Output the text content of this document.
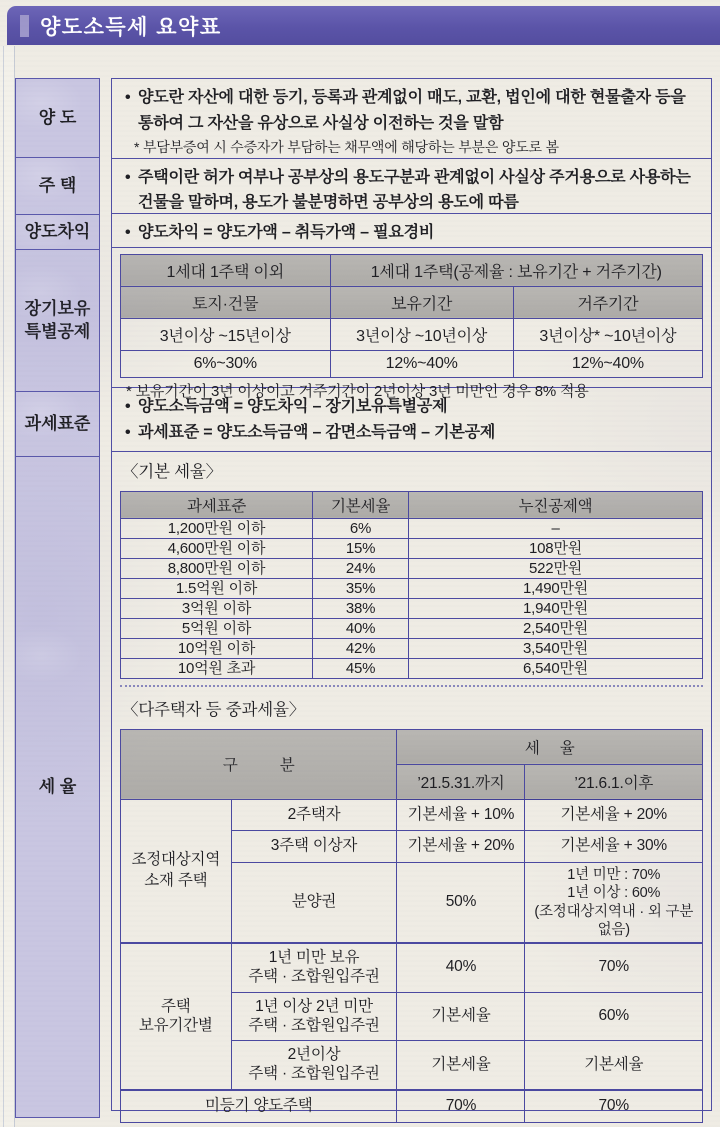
양도소득세 요약표
양 도
주 택
양도차익
장기보유
특별공제
과세표준
세 율
• 양도란 자산에 대한 등기, 등록과 관계없이 매도, 교환, 법인에 대한 현물출자 등을 통하여 그 자산을 유상으로 사실상 이전하는 것을 말함
* 부담부증여 시 수증자가 부담하는 채무액에 해당하는 부분은 양도로 봄
• 주택이란 허가 여부나 공부상의 용도구분과 관계없이 사실상 주거용으로 사용하는 건물을 말하며, 용도가 불분명하면 공부상의 용도에 따름
• 양도차익 = 양도가액 – 취득가액 – 필요경비
1세대 1주택 이외	1세대 1주택(공제율 : 보유기간 + 거주기간)	
토지·건물	보유기간	거주기간
3년이상 ~15년이상	3년이상 ~10년이상	3년이상* ~10년이상
6%~30%	12%~40%	12%~40%
* 보유기간이 3년 이상이고 거주기간이 2년이상 3년 미만인 경우 8% 적용
• 양도소득금액 = 양도차익 – 장기보유특별공제
• 과세표준 = 양도소득금액 – 감면소득금액 – 기본공제
〈기본 세율〉
과세표준	기본세율	누진공제액
1,200만원 이하	6%	–
4,600만원 이하	15%	108만원
8,800만원 이하	24%	522만원
1.5억원 이하	35%	1,490만원
3억원 이하	38%	1,940만원
5억원 이하	40%	2,540만원
10억원 이하	42%	3,540만원
10억원 초과	45%	6,540만원
〈다주택자 등 중과세율〉
구 분		세 율	
		’21.5.31.까지	’21.6.1.이후

조정대상지역
소재 주택	2주택자	기본세율 + 10%	기본세율 + 20%
	3주택 이상자	기본세율 + 20%	기본세율 + 30%
	분양권	50%	1년 미만 : 70%
1년 이상 : 60%
(조정대상지역내 · 외 구분없음)

주택
보유기간별

1년 미만 보유
주택 · 조합원입주권
	40%	70%

	1년 이상 2년 미만
주택 · 조합원입주권	기본세율	60%

	2년이상
주택 · 조합원입주권	기본세율	기본세율
미등기 양도주택		70%	70%
